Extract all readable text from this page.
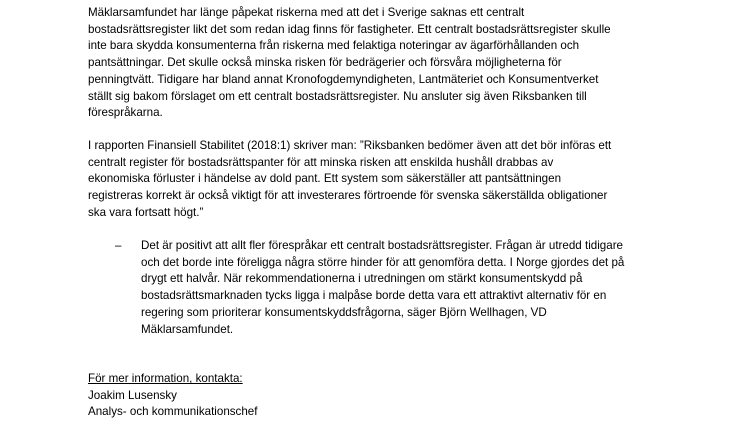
Mäklarsamfundet har länge påpekat riskerna med att det i Sverige saknas ett centralt
bostadsrättsregister likt det som redan idag finns för fastigheter. Ett centralt bostadsrättsregister skulle
inte bara skydda konsumenterna från riskerna med felaktiga noteringar av ägarförhållanden och
pantsättningar. Det skulle också minska risken för bedrägerier och försvåra möjligheterna för
penningtvätt. Tidigare har bland annat Kronofogdemyndigheten, Lantmäteriet och Konsumentverket
ställt sig bakom förslaget om ett centralt bostadsrättsregister. Nu ansluter sig även Riksbanken till
förespråkarna.

I rapporten Finansiell Stabilitet (2018:1) skriver man: ”Riksbanken bedömer även att det bör införas ett
centralt register för bostadsrättspanter för att minska risken att enskilda hushåll drabbas av
ekonomiska förluster i händelse av dold pant. Ett system som säkerställer att pantsättningen
registreras korrekt är också viktigt för att investerares förtroende för svenska säkerställda obligationer
ska vara fortsatt högt.”

– Det är positivt att allt fler förespråkar ett centralt bostadsrättsregister. Frågan är utredd tidigare
och det borde inte föreligga några större hinder för att genomföra detta. I Norge gjordes det på
drygt ett halvår. När rekommendationerna i utredningen om stärkt konsumentskydd på
bostadsrättsmarknaden tycks ligga i malpåse borde detta vara ett attraktivt alternativ för en
regering som prioriterar konsumentskyddsfrågorna, säger Björn Wellhagen, VD
Mäklarsamfundet.

För mer information, kontakta:
Joakim Lusensky
Analys- och kommunikationschef
